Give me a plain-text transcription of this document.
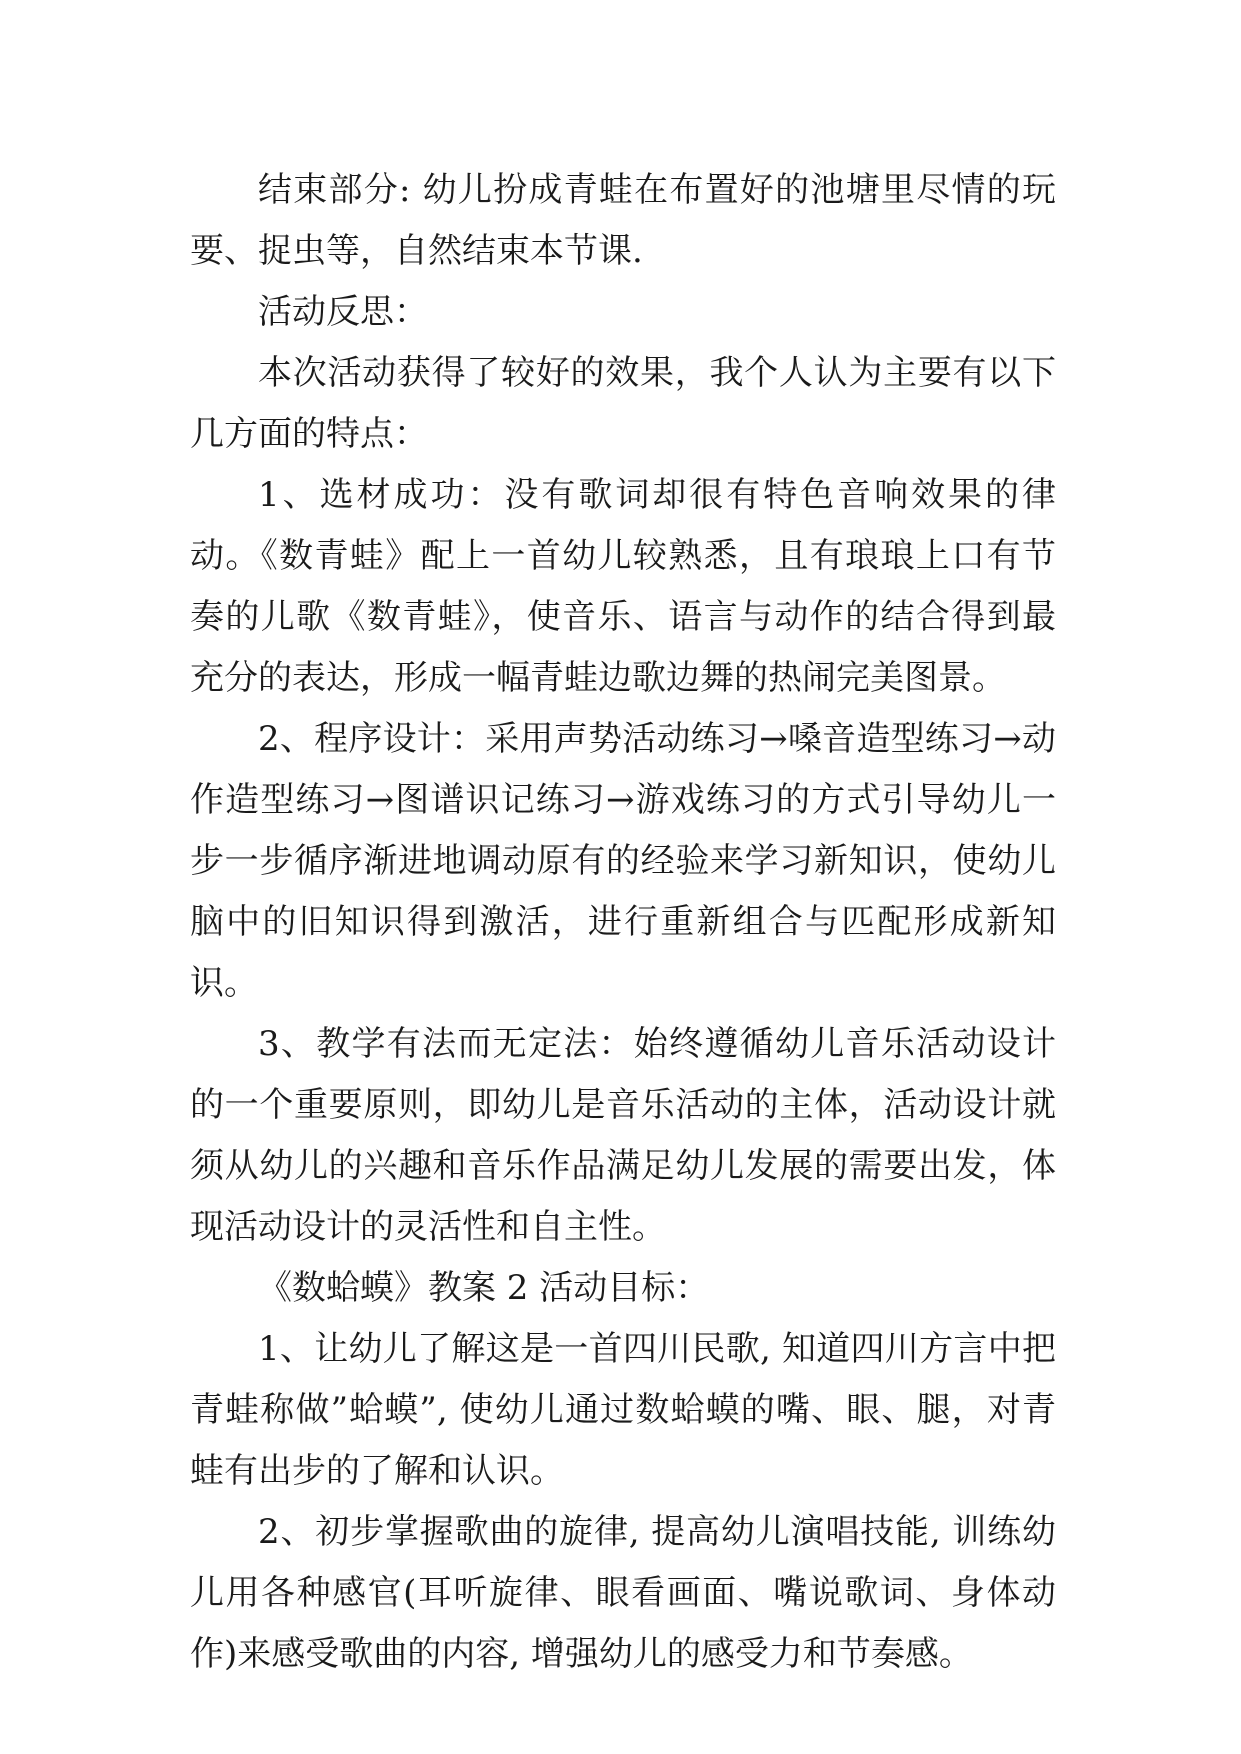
结束部分: 幼儿扮成青蛙在布置好的池塘里尽情的玩要、捉虫等，自然结束本节课.

活动反思：

本次活动获得了较好的效果，我个人认为主要有以下几方面的特点：

1、选材成功：没有歌词却很有特色音响效果的律动。《数青蛙》配上一首幼儿较熟悉，且有琅琅上口有节奏的儿歌《数青蛙》，使音乐、语言与动作的结合得到最充分的表达，形成一幅青蛙边歌边舞的热闹完美图景。

2、程序设计：采用声势活动练习→嗓音造型练习→动作造型练习→图谱识记练习→游戏练习的方式引导幼儿一步一步循序渐进地调动原有的经验来学习新知识，使幼儿脑中的旧知识得到激活，进行重新组合与匹配形成新知识。

3、教学有法而无定法：始终遵循幼儿音乐活动设计的一个重要原则，即幼儿是音乐活动的主体，活动设计就须从幼儿的兴趣和音乐作品满足幼儿发展的需要出发，体现活动设计的灵活性和自主性。

《数蛤蟆》教案 2 活动目标：

1、让幼儿了解这是一首四川民歌, 知道四川方言中把青蛙称做”蛤蟆”, 使幼儿通过数蛤蟆的嘴、眼、腿，对青蛙有出步的了解和认识。

2、初步掌握歌曲的旋律, 提高幼儿演唱技能, 训练幼儿用各种感官(耳听旋律、眼看画面、嘴说歌词、身体动作)来感受歌曲的内容, 增强幼儿的感受力和节奏感。
